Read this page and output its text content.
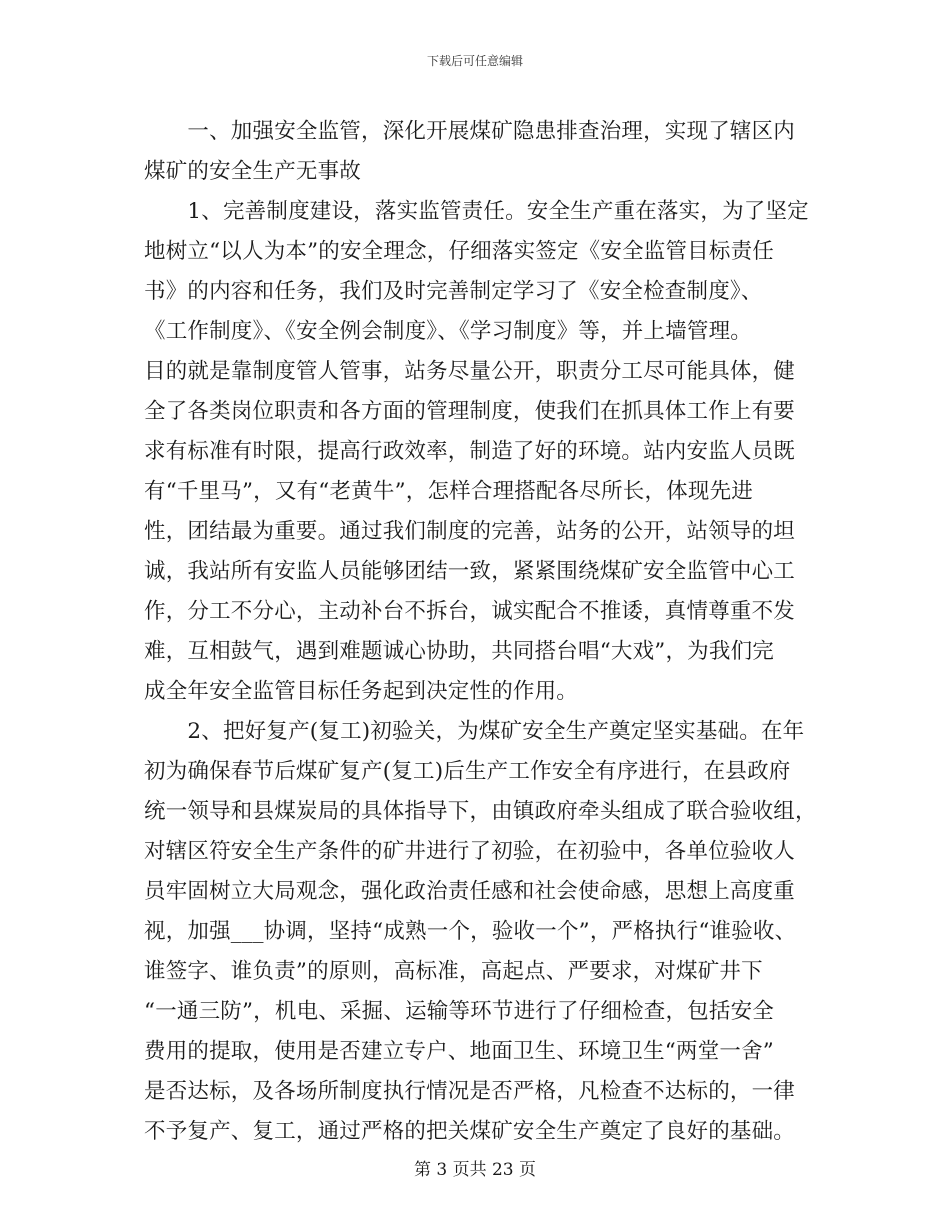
下载后可任意编辑
　　一、加强安全监管，深化开展煤矿隐患排查治理，实现了辖区内
煤矿的安全生产无事故
　　1、完善制度建设，落实监管责任。安全生产重在落实，为了坚定
地树立“以人为本”的安全理念，仔细落实签定《安全监管目标责任
书》的内容和任务，我们及时完善制定学习了《安全检查制度》、
《工作制度》、《安全例会制度》、《学习制度》等，并上墙管理。
目的就是靠制度管人管事，站务尽量公开，职责分工尽可能具体，健
全了各类岗位职责和各方面的管理制度，使我们在抓具体工作上有要
求有标准有时限，提高行政效率，制造了好的环境。站内安监人员既
有“千里马”，又有“老黄牛”，怎样合理搭配各尽所长，体现先进
性，团结最为重要。通过我们制度的完善，站务的公开，站领导的坦
诚，我站所有安监人员能够团结一致，紧紧围绕煤矿安全监管中心工
作，分工不分心，主动补台不拆台，诚实配合不推诿，真情尊重不发
难，互相鼓气，遇到难题诚心协助，共同搭台唱“大戏”，为我们完
成全年安全监管目标任务起到决定性的作用。
　　2、把好复产(复工)初验关，为煤矿安全生产奠定坚实基础。在年
初为确保春节后煤矿复产(复工)后生产工作安全有序进行，在县政府
统一领导和县煤炭局的具体指导下，由镇政府牵头组成了联合验收组，
对辖区符安全生产条件的矿井进行了初验，在初验中，各单位验收人
员牢固树立大局观念，强化政治责任感和社会使命感，思想上高度重
视，加强___协调，坚持“成熟一个，验收一个”，严格执行“谁验收、
谁签字、谁负责”的原则，高标准，高起点、严要求，对煤矿井下
“一通三防”，机电、采掘、运输等环节进行了仔细检查，包括安全
费用的提取，使用是否建立专户、地面卫生、环境卫生“两堂一舍”
是否达标，及各场所制度执行情况是否严格，凡检查不达标的，一律
不予复产、复工，通过严格的把关煤矿安全生产奠定了良好的基础。
第 3 页共 23 页
